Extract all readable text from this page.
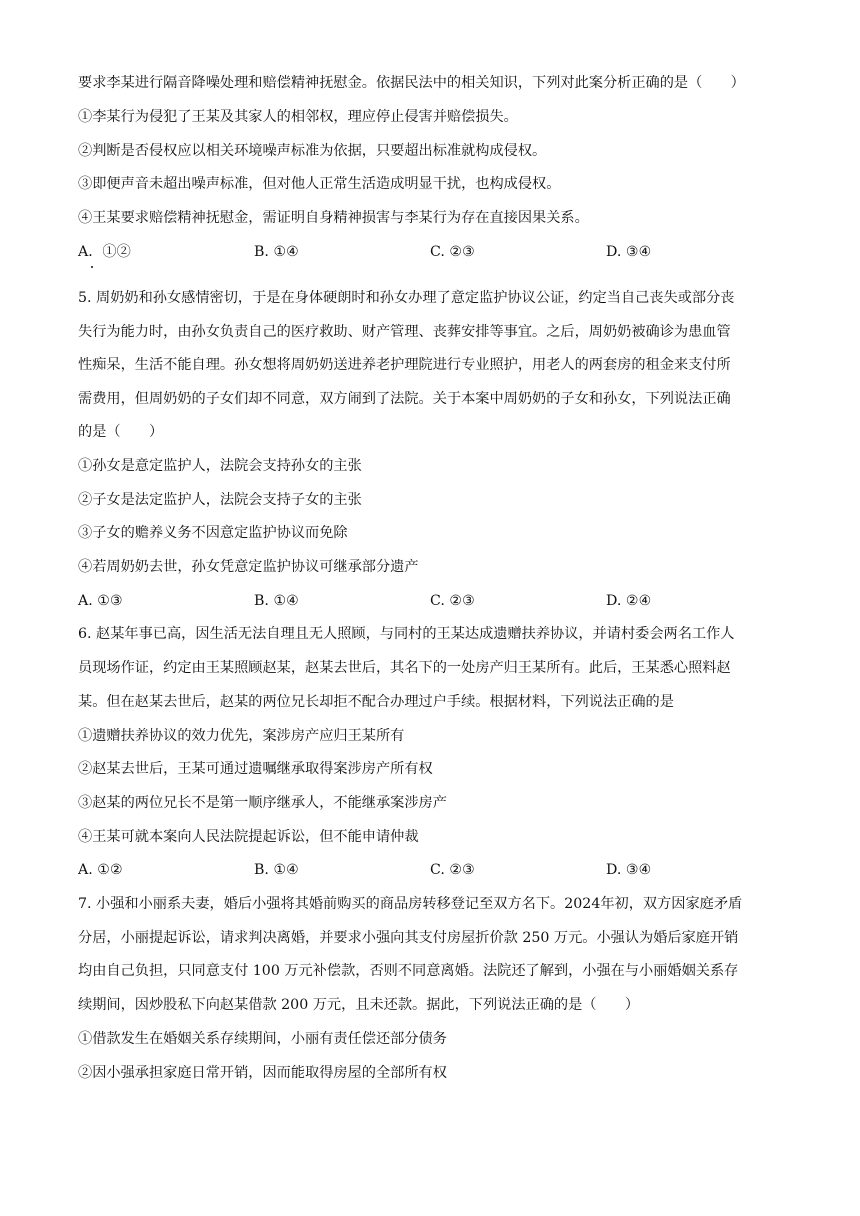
要求李某进行隔音降噪处理和赔偿精神抚慰金。依据民法中的相关知识，下列对此案分析正确的是（　　）
①李某行为侵犯了王某及其家人的相邻权，理应停止侵害并赔偿损失。
②判断是否侵权应以相关环境噪声标准为依据，只要超出标准就构成侵权。
③即便声音未超出噪声标准，但对他人正常生活造成明显干扰，也构成侵权。
④王某要求赔偿精神抚慰金，需证明自身精神损害与李某行为存在直接因果关系。
A．①②	B. ①④	C. ②③	D. ③④
5. 周奶奶和孙女感情密切，于是在身体硬朗时和孙女办理了意定监护协议公证，约定当自己丧失或部分丧
失行为能力时，由孙女负责自己的医疗救助、财产管理、丧葬安排等事宜。之后，周奶奶被确诊为患血管
性痴呆，生活不能自理。孙女想将周奶奶送进养老护理院进行专业照护，用老人的两套房的租金来支付所
需费用，但周奶奶的子女们却不同意，双方闹到了法院。关于本案中周奶奶的子女和孙女，下列说法正确
的是（　　）
①孙女是意定监护人，法院会支持孙女的主张
②子女是法定监护人，法院会支持子女的主张
③子女的赡养义务不因意定监护协议而免除
④若周奶奶去世，孙女凭意定监护协议可继承部分遗产
A. ①③	B. ①④	C. ②③	D. ②④
6. 赵某年事已高，因生活无法自理且无人照顾，与同村的王某达成遗赠扶养协议，并请村委会两名工作人
员现场作证，约定由王某照顾赵某，赵某去世后，其名下的一处房产归王某所有。此后，王某悉心照料赵
某。但在赵某去世后，赵某的两位兄长却拒不配合办理过户手续。根据材料，下列说法正确的是
①遗赠扶养协议的效力优先，案涉房产应归王某所有
②赵某去世后，王某可通过遗嘱继承取得案涉房产所有权
③赵某的两位兄长不是第一顺序继承人，不能继承案涉房产
④王某可就本案向人民法院提起诉讼，但不能申请仲裁
A. ①②	B. ①④	C. ②③	D. ③④
7. 小强和小丽系夫妻，婚后小强将其婚前购买的商品房转移登记至双方名下。2024年初，双方因家庭矛盾
分居，小丽提起诉讼，请求判决离婚，并要求小强向其支付房屋折价款 250 万元。小强认为婚后家庭开销
均由自己负担，只同意支付 100 万元补偿款，否则不同意离婚。法院还了解到，小强在与小丽婚姻关系存
续期间，因炒股私下向赵某借款 200 万元，且未还款。据此，下列说法正确的是（　　）
①借款发生在婚姻关系存续期间，小丽有责任偿还部分债务
②因小强承担家庭日常开销，因而能取得房屋的全部所有权
